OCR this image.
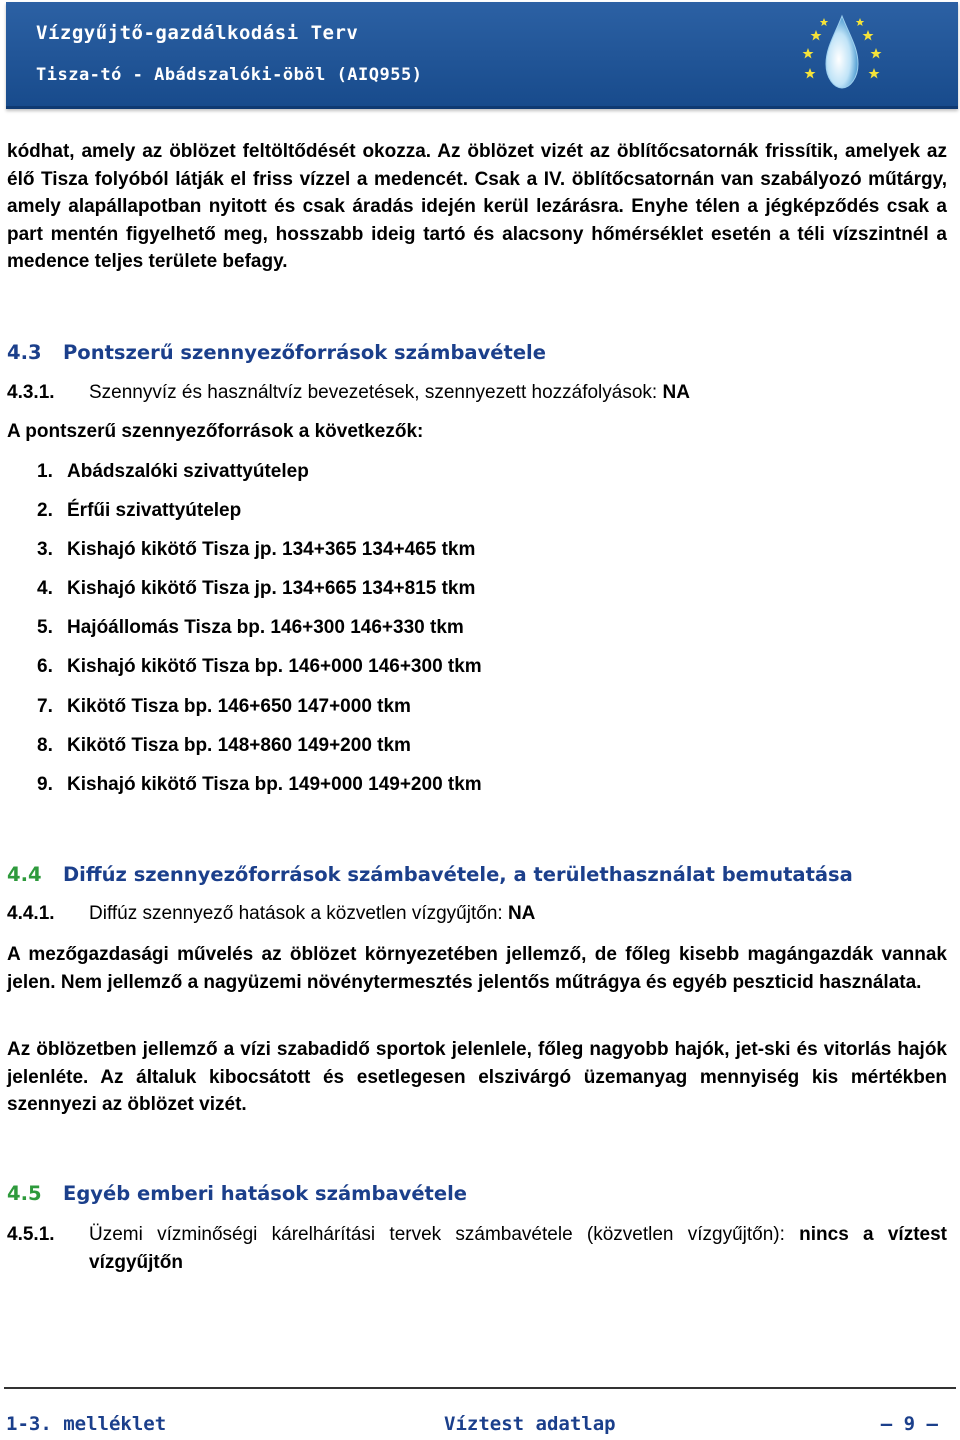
Vízgyűjtő-gazdálkodási Terv
Tisza-tó - Abádszalóki-öböl (AIQ955)
kódhat, amely az öblözet feltöltődését okozza. Az öblözet vizét az öblítőcsatornák frissítik, amelyek az élő Tisza folyóból látják el friss vízzel a medencét. Csak a IV. öblítőcsatornán van szabályozó műtárgy, amely alapállapotban nyitott és csak áradás idején kerül lezárásra. Enyhe télen a jégképződés csak a part mentén figyelhető meg, hosszabb ideig tartó és alacsony hőmérséklet esetén a téli vízszintnél a medence teljes területe befagy.
4.3 Pontszerű szennyezőforrások számbavétele
4.3.1. Szennyvíz és használtvíz bevezetések, szennyezett hozzáfolyások: NA
A pontszerű szennyezőforrások a következők:
1. Abádszalóki szivattyútelep
2. Érfűi szivattyútelep
3. Kishajó kikötő Tisza jp. 134+365 134+465 tkm
4. Kishajó kikötő Tisza jp. 134+665 134+815 tkm
5. Hajóállomás Tisza bp. 146+300 146+330 tkm
6. Kishajó kikötő Tisza bp. 146+000 146+300 tkm
7. Kikötő Tisza bp. 146+650 147+000 tkm
8. Kikötő Tisza bp. 148+860 149+200 tkm
9. Kishajó kikötő Tisza bp. 149+000 149+200 tkm
4.4 Diffúz szennyezőforrások számbavétele, a területhasználat bemutatása
4.4.1. Diffúz szennyező hatások a közvetlen vízgyűjtőn: NA
A mezőgazdasági művelés az öblözet környezetében jellemző, de főleg kisebb magángazdák vannak jelen. Nem jellemző a nagyüzemi növénytermesztés jelentős műtrágya és egyéb peszticid használata.
Az öblözetben jellemző a vízi szabadidő sportok jelenlele, főleg nagyobb hajók, jet-ski és vitorlás hajók jelenléte. Az általuk kibocsátott és esetlegesen elszivárgó üzemanyag mennyiség kis mértékben szennyezi az öblözet vizét.
4.5 Egyéb emberi hatások számbavétele
4.5.1. Üzemi vízminőségi kárelhárítási tervek számbavétele (közvetlen vízgyűjtőn): nincs a víztest vízgyűjtőn
1-3. melléklet	Víztest adatlap	– 9 –
